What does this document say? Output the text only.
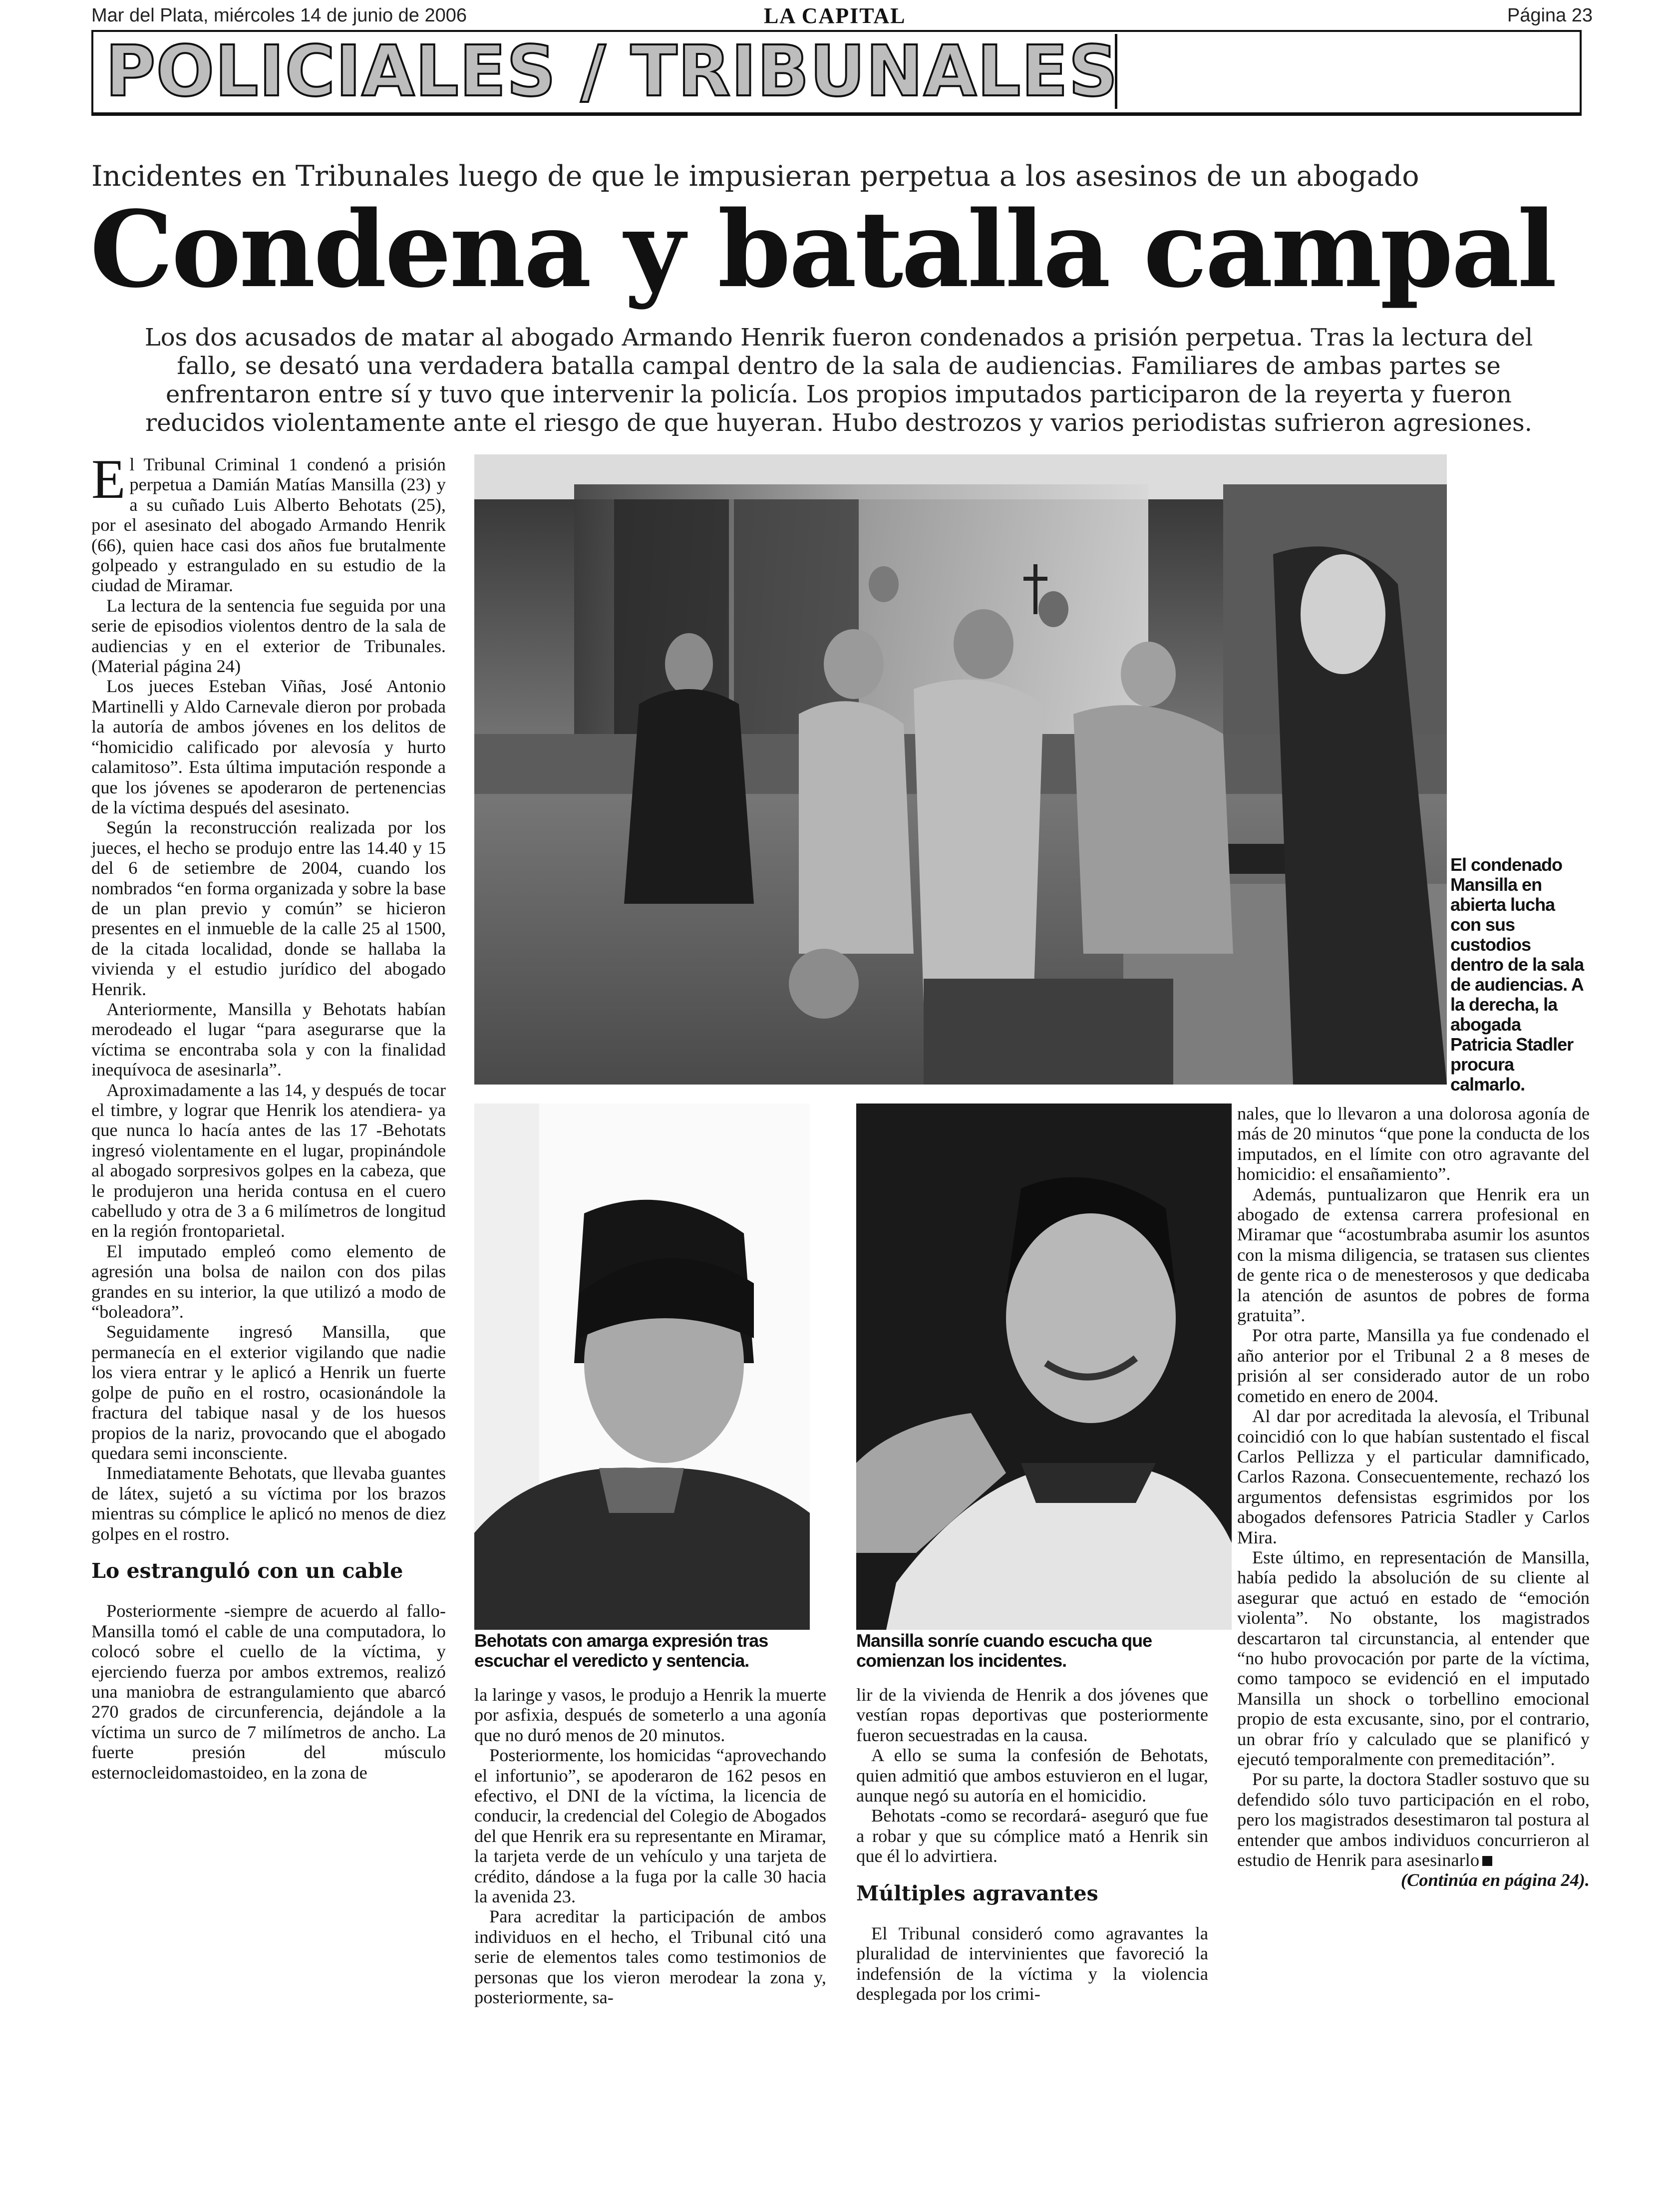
Mar del Plata, miércoles 14 de junio de 2006	LA CAPITAL	Página 23
POLICIALES / TRIBUNALES
Incidentes en Tribunales luego de que le impusieran perpetua a los asesinos de un abogado
Condena y batalla campal
Los dos acusados de matar al abogado Armando Henrik fueron condenados a prisión perpetua. Tras la lectura del fallo, se desató una verdadera batalla campal dentro de la sala de audiencias. Familiares de ambas partes se enfrentaron entre sí y tuvo que intervenir la policía. Los propios imputados participaron de la reyerta y fueron reducidos violentamente ante el riesgo de que huyeran. Hubo destrozos y varios periodistas sufrieron agresiones.
El condenado Mansilla en abierta lucha con sus custodios dentro de la sala de audiencias. A la derecha, la abogada Patricia Stadler procura calmarlo.
Behotats con amarga expresión tras escuchar el veredicto y sentencia.
Mansilla sonríe cuando escucha que comienzan los incidentes.
E l Tribunal Criminal 1 condenó a prisión perpetua a Damián Matías Mansilla (23) y a su cuñado Luis Alberto Behotats (25), por el asesinato del abogado Armando Henrik (66), quien hace casi dos años fue brutalmente golpeado y estrangulado en su estudio de la ciudad de Miramar.

La lectura de la sentencia fue seguida por una serie de episodios violentos dentro de la sala de audiencias y en el exterior de Tribunales. (Material página 24)

Los jueces Esteban Viñas, José Antonio Martinelli y Aldo Carnevale dieron por probada la autoría de ambos jóvenes en los delitos de “homicidio calificado por alevosía y hurto calamitoso”. Esta última imputación responde a que los jóvenes se apoderaron de pertenencias de la víctima después del asesinato.

Según la reconstrucción realizada por los jueces, el hecho se produjo entre las 14.40 y 15 del 6 de setiembre de 2004, cuando los nombrados “en forma organizada y sobre la base de un plan previo y común” se hicieron presentes en el inmueble de la calle 25 al 1500, de la citada localidad, donde se hallaba la vivienda y el estudio jurídico del abogado Henrik.

Anteriormente, Mansilla y Behotats habían merodeado el lugar “para asegurarse que la víctima se encontraba sola y con la finalidad inequívoca de asesinarla”.

Aproximadamente a las 14, y después de tocar el timbre, y lograr que Henrik los atendiera- ya que nunca lo hacía antes de las 17 -Behotats ingresó violentamente en el lugar, propinándole al abogado sorpresivos golpes en la cabeza, que le produjeron una herida contusa en el cuero cabelludo y otra de 3 a 6 milímetros de longitud en la región frontoparietal.

El imputado empleó como elemento de agresión una bolsa de nailon con dos pilas grandes en su interior, la que utilizó a modo de “boleadora”.

Seguidamente ingresó Mansilla, que permanecía en el exterior vigilando que nadie los viera entrar y le aplicó a Henrik un fuerte golpe de puño en el rostro, ocasionándole la fractura del tabique nasal y de los huesos propios de la nariz, provocando que el abogado quedara semi inconsciente.

Inmediatamente Behotats, que llevaba guantes de látex, sujetó a su víctima por los brazos mientras su cómplice le aplicó no menos de diez golpes en el rostro.

Lo estranguló con un cable

Posteriormente -siempre de acuerdo al fallo- Mansilla tomó el cable de una computadora, lo colocó sobre el cuello de la víctima, y ejerciendo fuerza por ambos extremos, realizó una maniobra de estrangulamiento que abarcó 270 grados de circunferencia, dejándole a la víctima un surco de 7 milímetros de ancho. La fuerte presión del músculo esternocleidomastoideo, en la zona de

la laringe y vasos, le produjo a Henrik la muerte por asfixia, después de someterlo a una agonía que no duró menos de 20 minutos.

Posteriormente, los homicidas “aprovechando el infortunio”, se apoderaron de 162 pesos en efectivo, el DNI de la víctima, la licencia de conducir, la credencial del Colegio de Abogados del que Henrik era su representante en Miramar, la tarjeta verde de un vehículo y una tarjeta de crédito, dándose a la fuga por la calle 30 hacia la avenida 23.

Para acreditar la participación de ambos individuos en el hecho, el Tribunal citó una serie de elementos tales como testimonios de personas que los vieron merodear la zona y, posteriormente, sa-

lir de la vivienda de Henrik a dos jóvenes que vestían ropas deportivas que posteriormente fueron secuestradas en la causa.

A ello se suma la confesión de Behotats, quien admitió que ambos estuvieron en el lugar, aunque negó su autoría en el homicidio.

Behotats -como se recordará- aseguró que fue a robar y que su cómplice mató a Henrik sin que él lo advirtiera.

Múltiples agravantes

El Tribunal consideró como agravantes la pluralidad de intervinientes que favoreció la indefensión de la víctima y la violencia desplegada por los crimi-

nales, que lo llevaron a una dolorosa agonía de más de 20 minutos “que pone la conducta de los imputados, en el límite con otro agravante del homicidio: el ensañamiento”.

Además, puntualizaron que Henrik era un abogado de extensa carrera profesional en Miramar que “acostumbraba asumir los asuntos con la misma diligencia, se tratasen sus clientes de gente rica o de menesterosos y que dedicaba la atención de asuntos de pobres de forma gratuita”.

Por otra parte, Mansilla ya fue condenado el año anterior por el Tribunal 2 a 8 meses de prisión al ser considerado autor de un robo cometido en enero de 2004.

Al dar por acreditada la alevosía, el Tribunal coincidió con lo que habían sustentado el fiscal Carlos Pellizza y el particular damnificado, Carlos Razona. Consecuentemente, rechazó los argumentos defensistas esgrimidos por los abogados defensores Patricia Stadler y Carlos Mira.

Este último, en representación de Mansilla, había pedido la absolución de su cliente al asegurar que actuó en estado de “emoción violenta”. No obstante, los magistrados descartaron tal circunstancia, al entender que “no hubo provocación por parte de la víctima, como tampoco se evidenció en el imputado Mansilla un shock o torbellino emocional propio de esta excusante, sino, por el contrario, un obrar frío y calculado que se planificó y ejecutó temporalmente con premeditación”.

Por su parte, la doctora Stadler sostuvo que su defendido sólo tuvo participación en el robo, pero los magistrados desestimaron tal postura al entender que ambos individuos concurrieron al estudio de Henrik para asesinarlo

(Continúa en página 24).
